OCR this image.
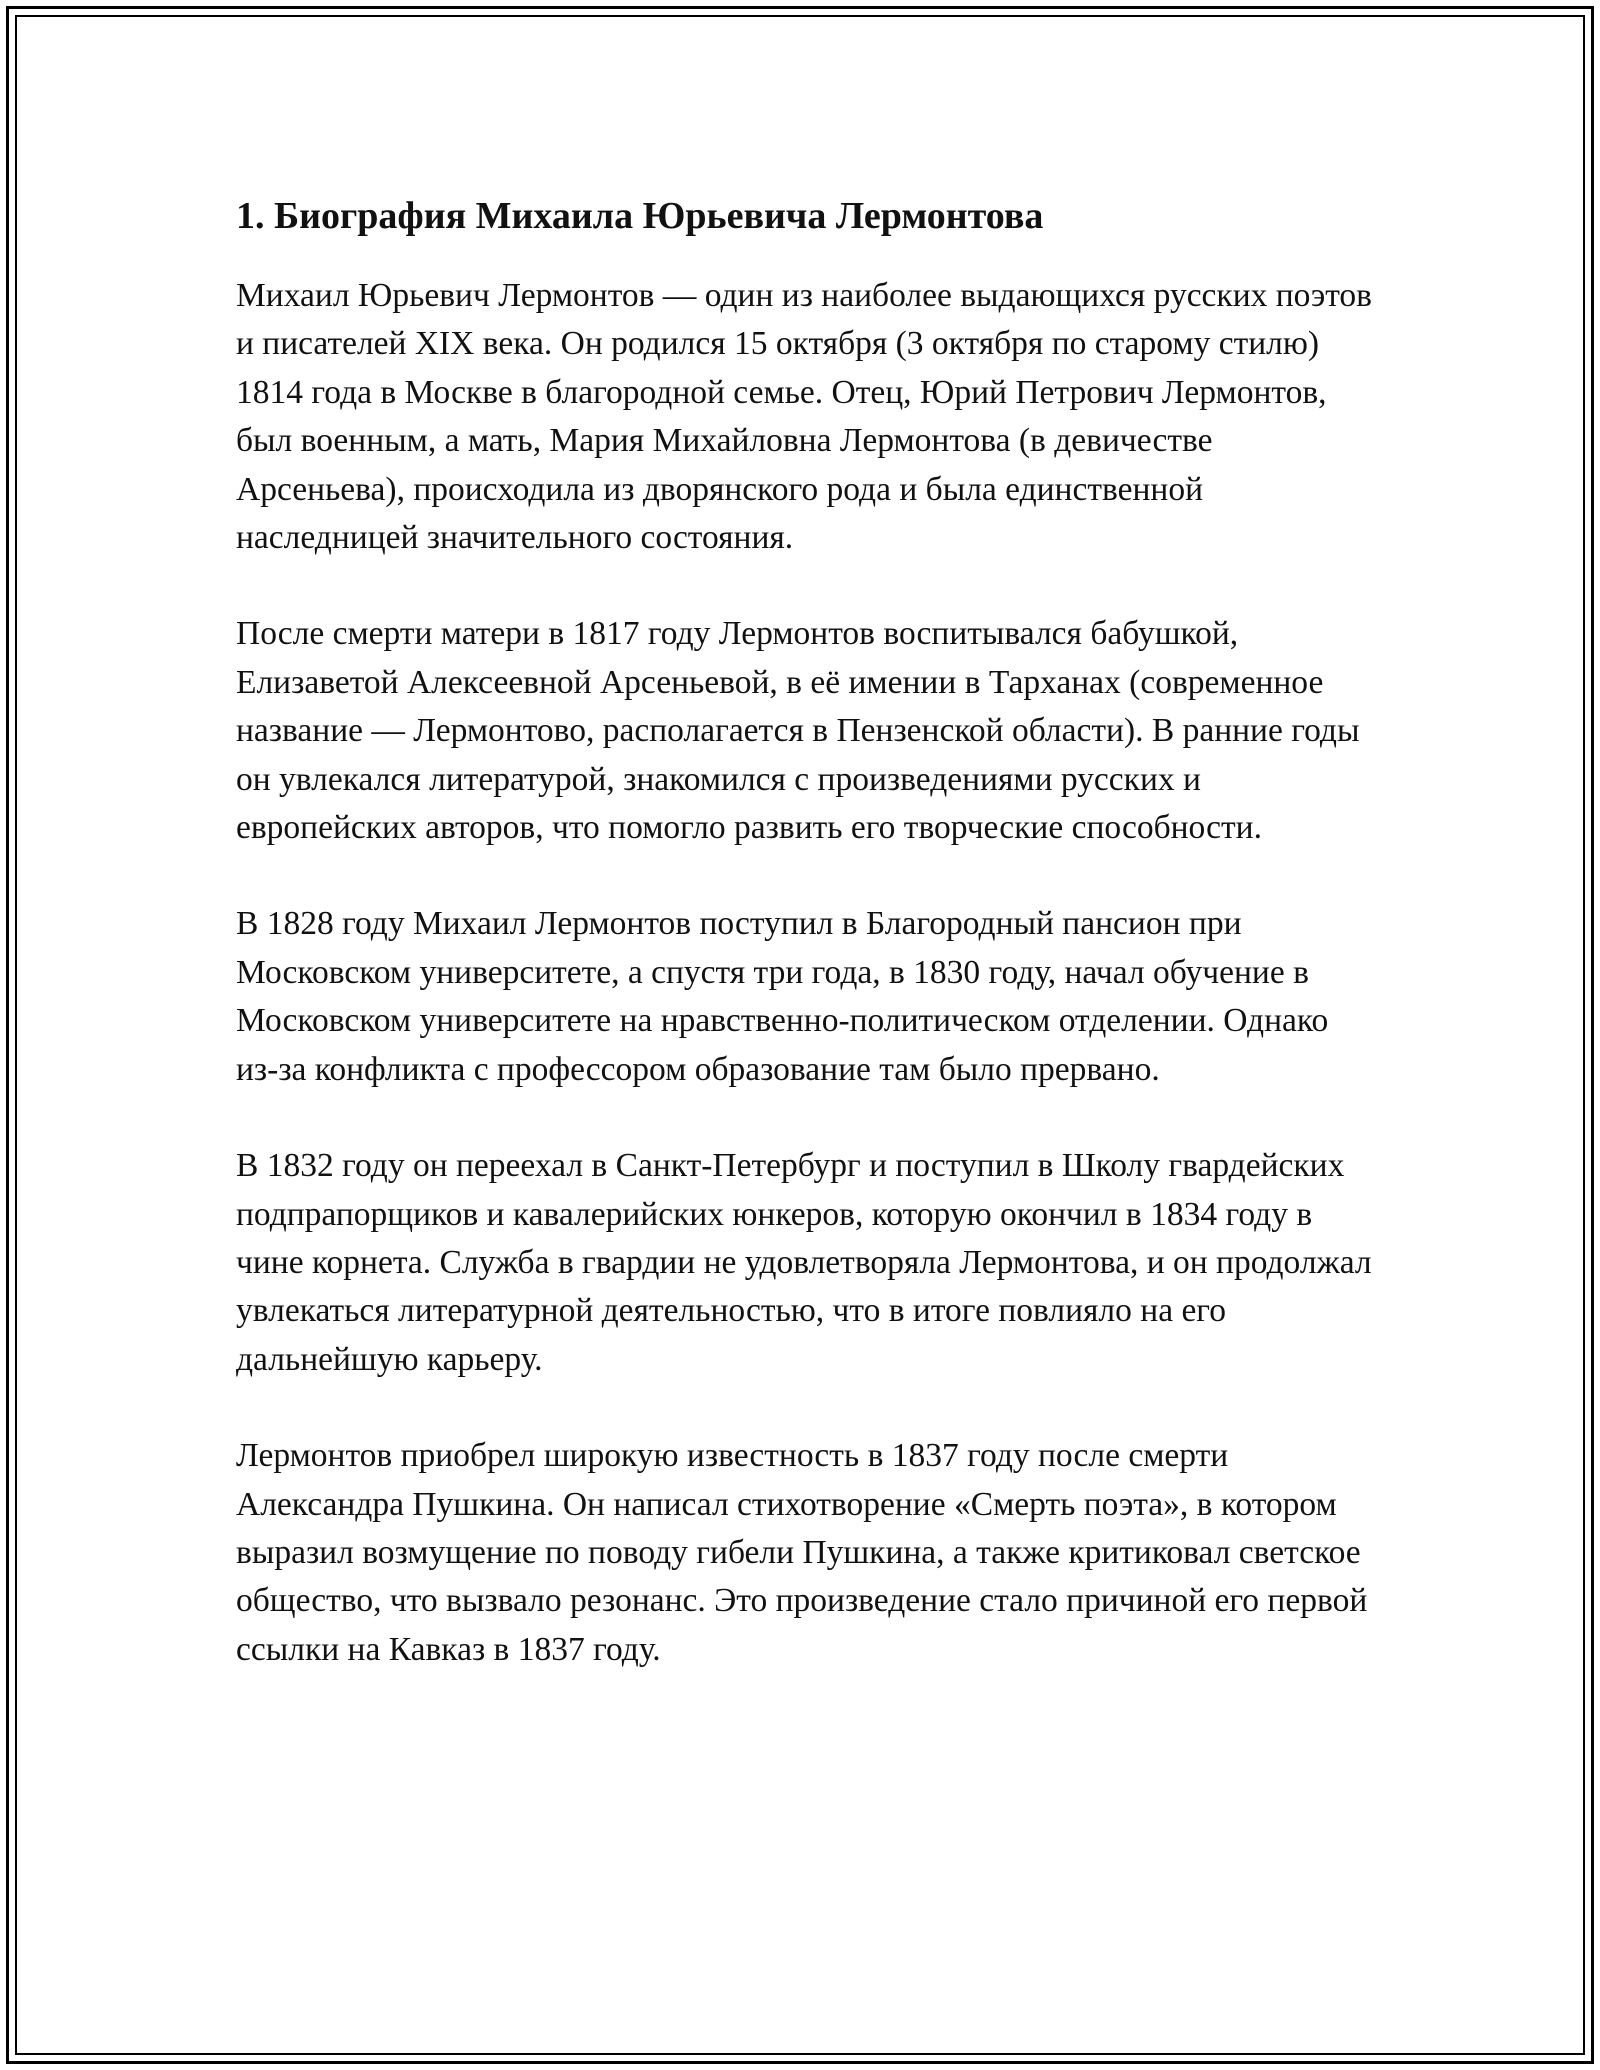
1. Биография Михаила Юрьевича Лермонтова

Михаил Юрьевич Лермонтов — один из наиболее выдающихся русских поэтов и писателей XIX века. Он родился 15 октября (3 октября по старому стилю) 1814 года в Москве в благородной семье. Отец, Юрий Петрович Лермонтов, был военным, а мать, Мария Михайловна Лермонтова (в девичестве Арсеньева), происходила из дворянского рода и была единственной наследницей значительного состояния.

После смерти матери в 1817 году Лермонтов воспитывался бабушкой, Елизаветой Алексеевной Арсеньевой, в её имении в Тарханах (современное название — Лермонтово, располагается в Пензенской области). В ранние годы он увлекался литературой, знакомился с произведениями русских и европейских авторов, что помогло развить его творческие способности.

В 1828 году Михаил Лермонтов поступил в Благородный пансион при Московском университете, а спустя три года, в 1830 году, начал обучение в Московском университете на нравственно-политическом отделении. Однако из-за конфликта с профессором образование там было прервано.

В 1832 году он переехал в Санкт-Петербург и поступил в Школу гвардейских подпрапорщиков и кавалерийских юнкеров, которую окончил в 1834 году в чине корнета. Служба в гвардии не удовлетворяла Лермонтова, и он продолжал увлекаться литературной деятельностью, что в итоге повлияло на его дальнейшую карьеру.

Лермонтов приобрел широкую известность в 1837 году после смерти Александра Пушкина. Он написал стихотворение «Смерть поэта», в котором выразил возмущение по поводу гибели Пушкина, а также критиковал светское общество, что вызвало резонанс. Это произведение стало причиной его первой ссылки на Кавказ в 1837 году.
